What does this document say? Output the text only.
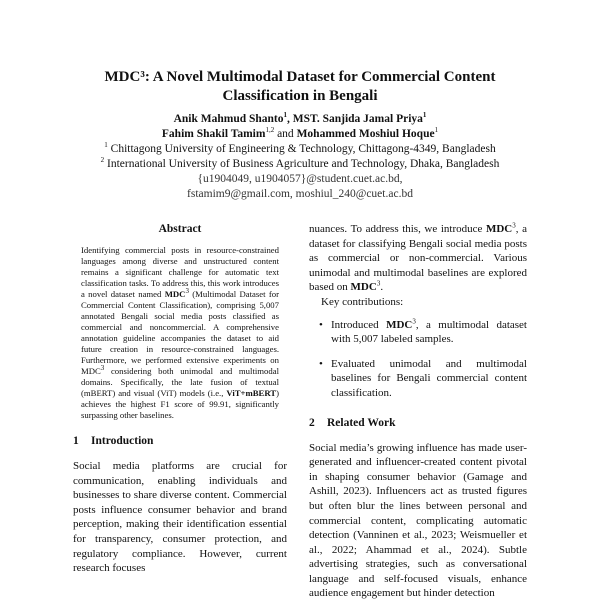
MDC³: A Novel Multimodal Dataset for Commercial Content
Classification in Bengali
Anik Mahmud Shanto$^1$, MST. Sanjida Jamal Priya$^1$
Fahim Shakil Tamim$^{1,2}$ and Mohammed Moshiul Hoque$^1$
$^1$ Chittagong University of Engineering & Technology, Chittagong-4349, Bangladesh
$^2$ International University of Business Agriculture and Technology, Dhaka, Bangladesh
{u1904049, u1904057}@student.cuet.ac.bd,
fstamim9@gmail.com, moshiul_240@cuet.ac.bd
Abstract

Identifying commercial posts in resource-constrained languages among diverse and unstructured content remains a significant challenge for automatic text classification tasks. To address this, this work introduces a novel dataset named MDC$^3$ (Multimodal Dataset for Commercial Content Classification), comprising 5,007 annotated Bengali social media posts classified as commercial and noncommercial. A comprehensive annotation guideline accompanies the dataset to aid future creation in resource-constrained languages. Furthermore, we performed extensive experiments on MDC$^3$ considering both unimodal and multimodal domains. Specifically, the late fusion of textual (mBERT) and visual (ViT) models (i.e., ViT+mBERT) achieves the highest F1 score of 99.91, significantly surpassing other baselines.

1 Introduction

Social media platforms are crucial for communication, enabling individuals and businesses to share diverse content. Commercial posts influence consumer behavior and brand perception, making their identification essential for transparency, consumer protection, and regulatory compliance. However, current research focuses

nuances. To address this, we introduce MDC$^3$, a dataset for classifying Bengali social media posts as commercial or non-commercial. Various unimodal and multimodal baselines are explored based on MDC$^3$.

Key contributions:

• Introduced MDC$^3$, a multimodal dataset with 5,007 labeled samples.
• Evaluated unimodal and multimodal baselines for Bengali commercial content classification.
2 Related Work

Social media’s growing influence has made user-generated and influencer-created content pivotal in shaping consumer behavior (Gamage and Ashill, 2023). Influencers act as trusted figures but often blur the lines between personal and commercial content, complicating automatic detection (Vanninen et al., 2023; Weismueller et al., 2022; Ahammad et al., 2024). Subtle advertising strategies, such as conversational language and self-focused visuals, enhance audience engagement but hinder detection
